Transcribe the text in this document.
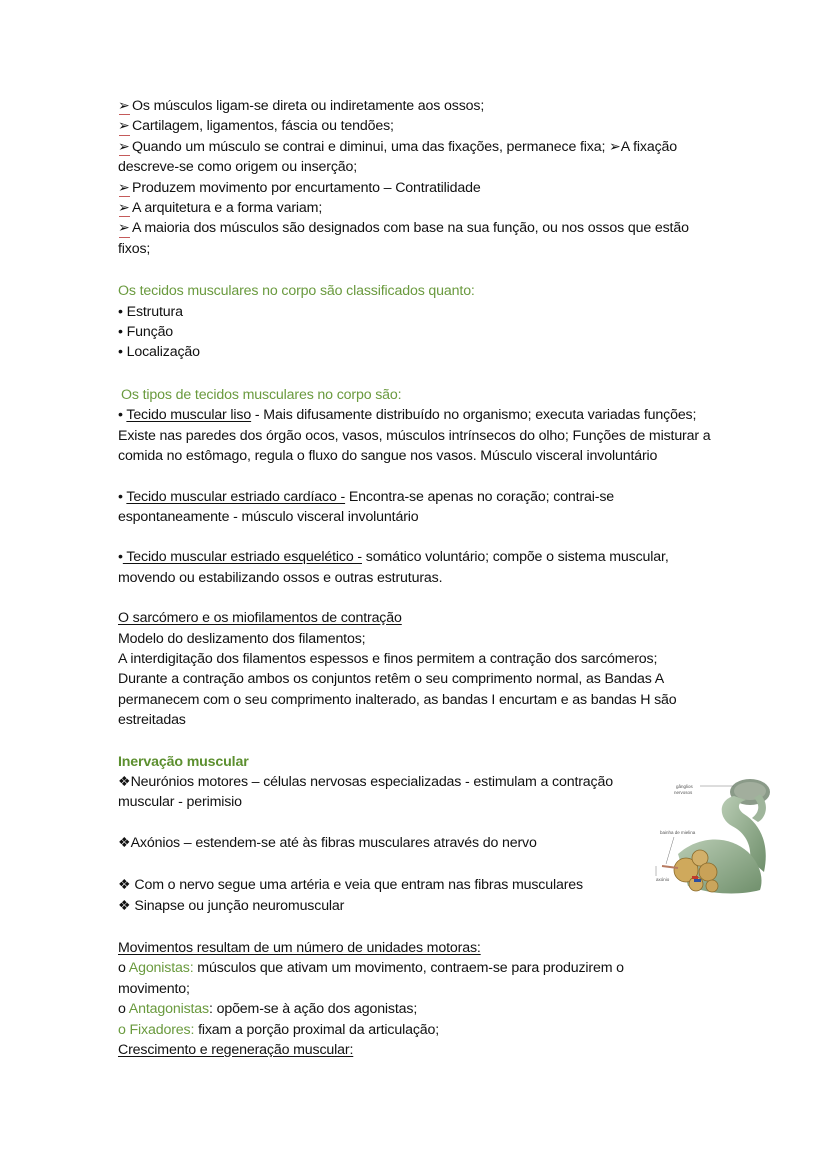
➢ Os músculos ligam-se direta ou indiretamente aos ossos;
➢ Cartilagem, ligamentos, fáscia ou tendões;
➢ Quando um músculo se contrai e diminui, uma das fixações, permanece fixa; ➢A fixação
descreve-se como origem ou inserção;
➢ Produzem movimento por encurtamento – Contratilidade
➢ A arquitetura e a forma variam;
➢ A maioria dos músculos são designados com base na sua função, ou nos ossos que estão
fixos;
Os tecidos musculares no corpo são classificados quanto:
• Estrutura
• Função
• Localização
Os tipos de tecidos musculares no corpo são:
• Tecido muscular liso - Mais difusamente distribuído no organismo; executa variadas funções;
Existe nas paredes dos órgão ocos, vasos, músculos intrínsecos do olho; Funções de misturar a
comida no estômago, regula o fluxo do sangue nos vasos. Músculo visceral involuntário
• Tecido muscular estriado cardíaco - Encontra-se apenas no coração; contrai-se
espontaneamente - músculo visceral involuntário
• Tecido muscular estriado esquelético - somático voluntário; compõe o sistema muscular,
movendo ou estabilizando ossos e outras estruturas.
O sarcómero e os miofilamentos de contração
Modelo do deslizamento dos filamentos;
A interdigitação dos filamentos espessos e finos permitem a contração dos sarcómeros;
Durante a contração ambos os conjuntos retêm o seu comprimento normal, as Bandas A
permanecem com o seu comprimento inalterado, as bandas I encurtam e as bandas H são
estreitadas
Inervação muscular
❖Neurónios motores – células nervosas especializadas - estimulam a contração
muscular - perimisio
❖Axónios – estendem-se até às fibras musculares através do nervo
❖ Com o nervo segue uma artéria e veia que entram nas fibras musculares
❖ Sinapse ou junção neuromuscular
Movimentos resultam de um número de unidades motoras:
o Agonistas: músculos que ativam um movimento, contraem-se para produzirem o
movimento;
o Antagonistas: opõem-se à ação dos agonistas;
o Fixadores: fixam a porção proximal da articulação;
Crescimento e regeneração muscular:
gânglios
nervosos
bainha de mielina
axónio
